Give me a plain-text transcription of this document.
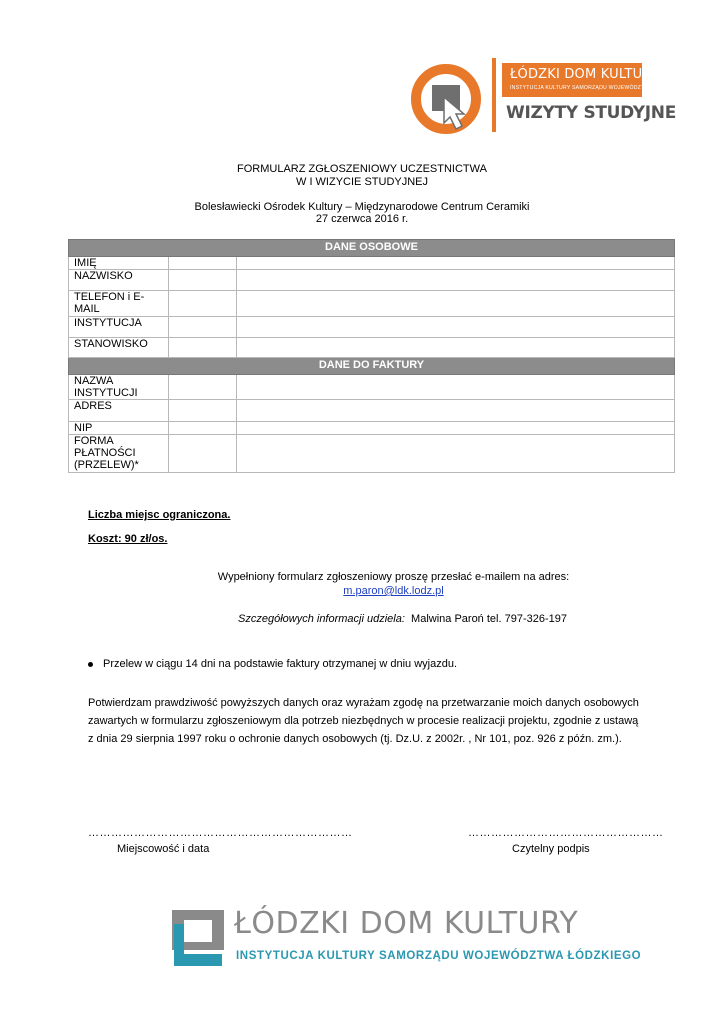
ŁÓDZKI DOM KULTURY
INSTYTUCJA KULTURY SAMORZĄDU WOJEWÓDZTWA ŁÓDZKIEGO
WIZYTY STUDYJNE
FORMULARZ ZGŁOSZENIOWY UCZESTNICTWA
W I WIZYCIE STUDYJNEJ
Bolesławiecki Ośrodek Kultury – Międzynarodowe Centrum Ceramiki
27 czerwca 2016 r.
DANE OSOBOWE		
IMIĘ		
NAZWISKO		
TELEFON i E-MAIL		
INSTYTUCJA		
STANOWISKO		
DANE DO FAKTURY		
NAZWA INSTYTUCJI		
ADRES		
NIP		
FORMA PŁATNOŚCI (PRZELEW)*		
Liczba miejsc ograniczona.
Koszt: 90 zł/os.
Wypełniony formularz zgłoszeniowy proszę przesłać e-mailem na adres:
m.paron@ldk.lodz.pl
Szczegółowych informacji udziela: Malwina Paroń tel. 797-326-197
Przelew w ciągu 14 dni na podstawie faktury otrzymanej w dniu wyjazdu.
Potwierdzam prawdziwość powyższych danych oraz wyrażam zgodę na przetwarzanie moich danych osobowych
zawartych w formularzu zgłoszeniowym dla potrzeb niezbędnych w procesie realizacji projektu, zgodnie z ustawą
z dnia 29 sierpnia 1997 roku o ochronie danych osobowych (tj. Dz.U. z 2002r. , Nr 101, poz. 926 z późn. zm.).
……………………………………………………………
Miejscowość i data
……………………………………………
Czytelny podpis
ŁÓDZKI DOM KULTURY
INSTYTUCJA KULTURY SAMORZĄDU WOJEWÓDZTWA ŁÓDZKIEGO
